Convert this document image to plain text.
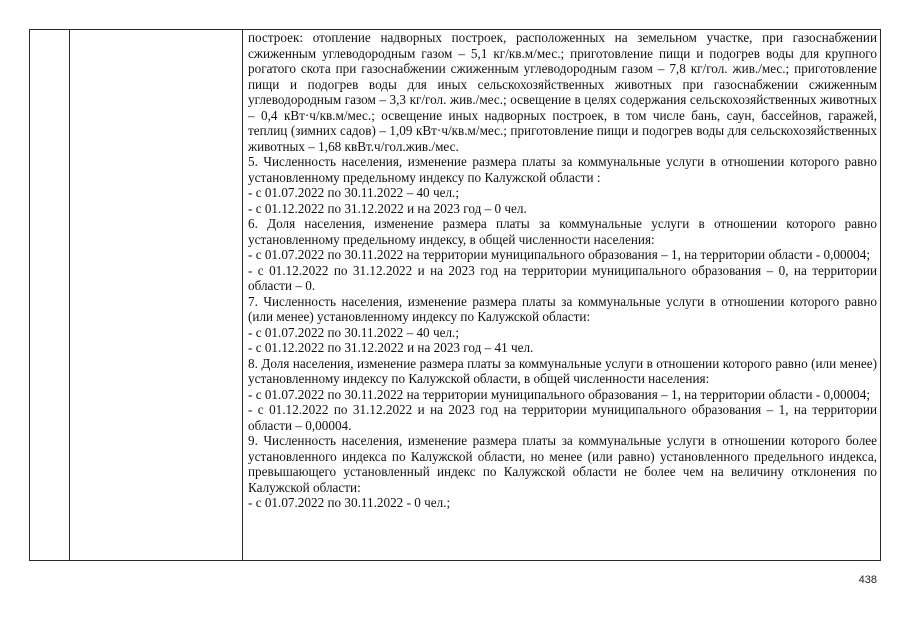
построек: отопление надворных построек, расположенных на земельном участке, при газоснабжении сжиженным углеводородным газом – 5,1 кг/кв.м/мес.; приготовление пищи и подогрев воды для крупного рогатого скота при газоснабжении сжиженным углеводородным газом – 7,8 кг/гол. жив./мес.; приготовление пищи и подогрев воды для иных сельскохозяйственных животных при газоснабжении сжиженным углеводородным газом – 3,3 кг/гол. жив./мес.; освещение в целях содержания сельскохозяйственных животных – 0,4 кВт·ч/кв.м/мес.; освещение иных надворных построек, в том числе бань, саун, бассейнов, гаражей, теплиц (зимних садов) – 1,09 кВт·ч/кв.м/мес.; приготовление пищи и подогрев воды для сельскохозяйственных животных – 1,68 квВт.ч/гол.жив./мес.

5. Численность населения, изменение размера платы за коммунальные услуги в отношении которого равно установленному предельному индексу по Калужской области :

- с 01.07.2022 по 30.11.2022 – 40 чел.;

- с 01.12.2022 по 31.12.2022 и на 2023 год – 0 чел.

6. Доля населения, изменение размера платы за коммунальные услуги в отношении которого равно установленному предельному индексу, в общей численности населения:

- с 01.07.2022 по 30.11.2022 на территории муниципального образования – 1, на территории области - 0,00004;

- с 01.12.2022 по 31.12.2022 и на 2023 год на территории муниципального образования – 0, на территории области – 0.

7. Численность населения, изменение размера платы за коммунальные услуги в отношении которого равно (или менее) установленному индексу по Калужской области:

- с 01.07.2022 по 30.11.2022 – 40 чел.;

- с 01.12.2022 по 31.12.2022 и на 2023 год – 41 чел.

8. Доля населения, изменение размера платы за коммунальные услуги в отношении которого равно (или менее) установленному индексу по Калужской области, в общей численности населения:

- с 01.07.2022 по 30.11.2022 на территории муниципального образования – 1, на территории области - 0,00004;

- с 01.12.2022 по 31.12.2022 и на 2023 год на территории муниципального образования – 1, на территории области – 0,00004.

9. Численность населения, изменение размера платы за коммунальные услуги в отношении которого более установленного индекса по Калужской области, но менее (или равно) установленного предельного индекса, превышающего установленный индекс по Калужской области не более чем на величину отклонения по Калужской области:

- с 01.07.2022 по 30.11.2022 - 0 чел.;

438
